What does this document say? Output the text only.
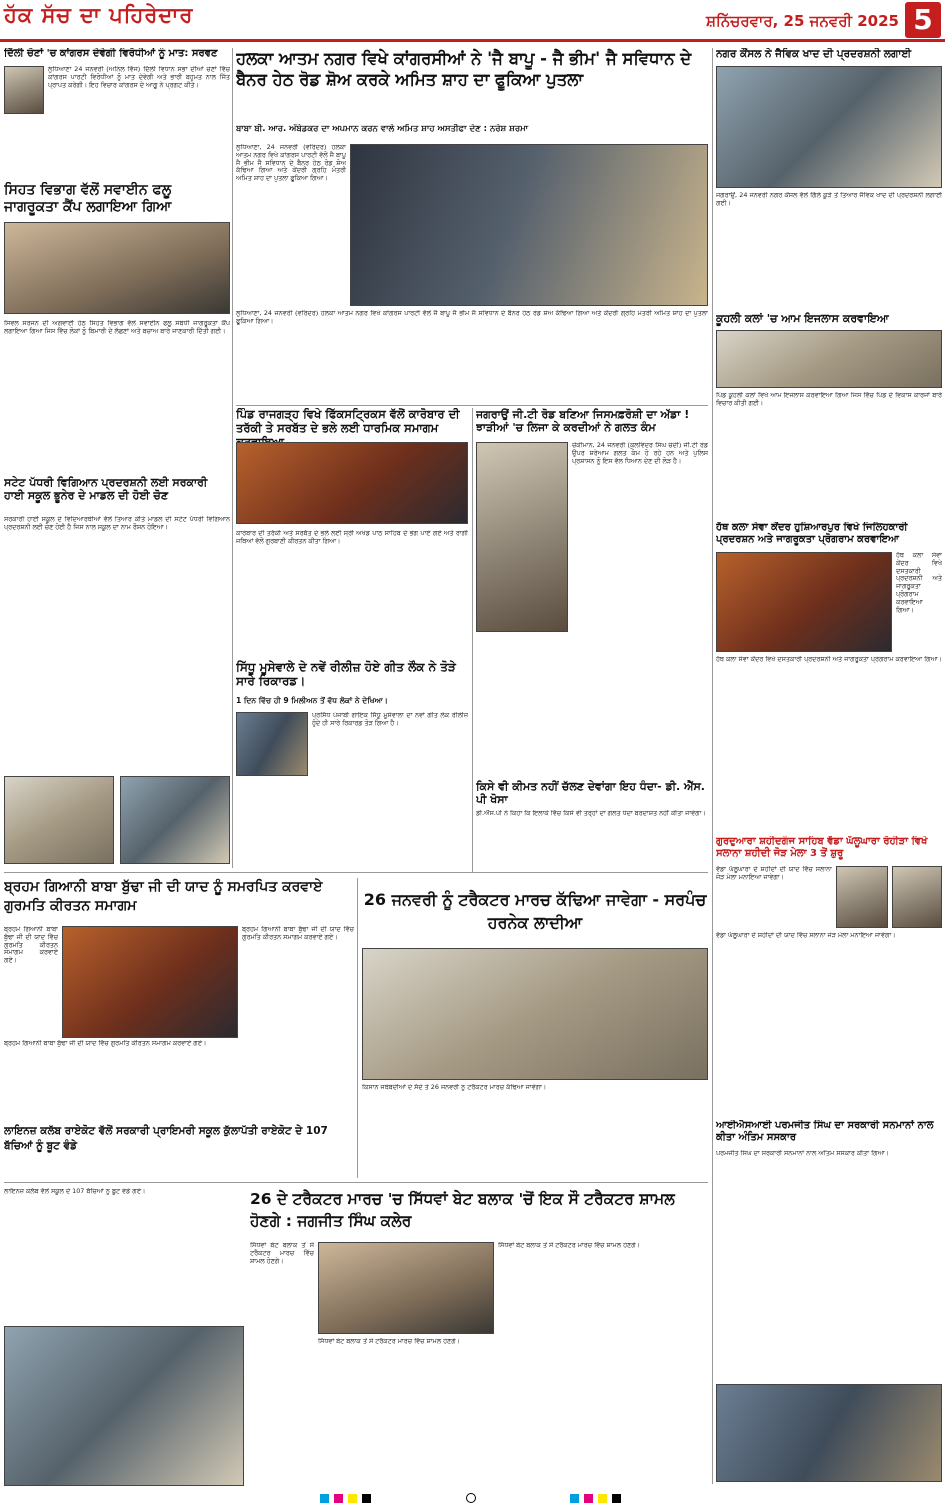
ਹੱਕ ਸੱਚ ਦਾ ਪਹਿਰੇਦਾਰ	ਸ਼ਨਿੱਚਰਵਾਰ, 25 ਜਨਵਰੀ 2025 5
ਦਿੱਲੀ ਚੋਣਾਂ 'ਚ ਕਾਂਗਰਸ ਦੇਵੇਗੀ ਵਿਰੋਧੀਆਂ ਨੂੰ ਮਾਤ: ਸਰਵਣ
ਲੁਧਿਆਣਾ 24 ਜਨਵਰੀ (ਅਨਿਲ ਵਿੱਜ) ਦਿੱਲੀ ਵਿਧਾਨ ਸਭਾ ਦੀਆਂ ਚੋਣਾਂ ਵਿੱਚ ਕਾਂਗਰਸ ਪਾਰਟੀ ਵਿਰੋਧੀਆਂ ਨੂੰ ਮਾਤ ਦੇਵੇਗੀ ਅਤੇ ਭਾਰੀ ਬਹੁਮਤ ਨਾਲ ਜਿੱਤ ਪ੍ਰਾਪਤ ਕਰੇਗੀ। ਇਹ ਵਿਚਾਰ ਕਾਂਗਰਸ ਦੇ ਆਗੂ ਨੇ ਪ੍ਰਗਟ ਕੀਤੇ।
ਸਿਹਤ ਵਿਭਾਗ ਵੱਲੋਂ ਸਵਾਈਨ ਫਲੂ ਜਾਗਰੂਕਤਾ ਕੈਂਪ ਲਗਾਇਆ ਗਿਆ
ਸਿਵਲ ਸਰਜਨ ਦੀ ਅਗਵਾਈ ਹੇਠ ਸਿਹਤ ਵਿਭਾਗ ਵੱਲੋਂ ਸਵਾਈਨ ਫਲੂ ਸਬੰਧੀ ਜਾਗਰੂਕਤਾ ਕੈਂਪ ਲਗਾਇਆ ਗਿਆ ਜਿਸ ਵਿੱਚ ਲੋਕਾਂ ਨੂੰ ਬਿਮਾਰੀ ਦੇ ਲੱਛਣਾਂ ਅਤੇ ਬਚਾਅ ਬਾਰੇ ਜਾਣਕਾਰੀ ਦਿੱਤੀ ਗਈ।
ਸਟੇਟ ਪੱਧਰੀ ਵਿਗਿਆਨ ਪ੍ਰਦਰਸ਼ਨੀ ਲਈ ਸਰਕਾਰੀ ਹਾਈ ਸਕੂਲ ਭੂਨੇਰ ਦੇ ਮਾਡਲ ਦੀ ਹੋਈ ਚੋਣ
ਸਰਕਾਰੀ ਹਾਈ ਸਕੂਲ ਦੇ ਵਿਦਿਆਰਥੀਆਂ ਵੱਲੋਂ ਤਿਆਰ ਕੀਤੇ ਮਾਡਲ ਦੀ ਸਟੇਟ ਪੱਧਰੀ ਵਿਗਿਆਨ ਪ੍ਰਦਰਸ਼ਨੀ ਲਈ ਚੋਣ ਹੋਈ ਹੈ ਜਿਸ ਨਾਲ ਸਕੂਲ ਦਾ ਨਾਮ ਰੌਸ਼ਨ ਹੋਇਆ।
ਹਲਕਾ ਆਤਮ ਨਗਰ ਵਿਖੇ ਕਾਂਗਰਸੀਆਂ ਨੇ 'ਜੈ ਬਾਪੂ - ਜੈ ਭੀਮ' ਜੈ ਸਵਿਧਾਨ ਦੇ ਬੈਨਰ ਹੇਠ ਰੋਡ ਸ਼ੋਅ ਕਰਕੇ ਅਮਿਤ ਸ਼ਾਹ ਦਾ ਫੂਕਿਆ ਪੁਤਲਾ
ਬਾਬਾ ਬੀ. ਆਰ. ਅੰਬੇਡਕਰ ਦਾ ਅਪਮਾਨ ਕਰਨ ਵਾਲੇ ਅਮਿਤ ਸ਼ਾਹ ਅਸਤੀਫਾ ਦੇਣ : ਨਰੇਸ਼ ਸ਼ਰਮਾ
ਲੁਧਿਆਣਾ, 24 ਜਨਵਰੀ (ਵਰਿੰਦਰ) ਹਲਕਾ ਆਤਮ ਨਗਰ ਵਿਖੇ ਕਾਂਗਰਸ ਪਾਰਟੀ ਵੱਲੋਂ ਜੈ ਬਾਪੂ ਜੈ ਭੀਮ ਜੈ ਸਵਿਧਾਨ ਦੇ ਬੈਨਰ ਹੇਠ ਰੋਡ ਸ਼ੋਅ ਕੱਢਿਆ ਗਿਆ ਅਤੇ ਕੇਂਦਰੀ ਗ੍ਰਹਿ ਮੰਤਰੀ ਅਮਿਤ ਸ਼ਾਹ ਦਾ ਪੁਤਲਾ ਫੂਕਿਆ ਗਿਆ।
ਲੁਧਿਆਣਾ, 24 ਜਨਵਰੀ (ਵਰਿੰਦਰ) ਹਲਕਾ ਆਤਮ ਨਗਰ ਵਿਖੇ ਕਾਂਗਰਸ ਪਾਰਟੀ ਵੱਲੋਂ ਜੈ ਬਾਪੂ ਜੈ ਭੀਮ ਜੈ ਸਵਿਧਾਨ ਦੇ ਬੈਨਰ ਹੇਠ ਰੋਡ ਸ਼ੋਅ ਕੱਢਿਆ ਗਿਆ ਅਤੇ ਕੇਂਦਰੀ ਗ੍ਰਹਿ ਮੰਤਰੀ ਅਮਿਤ ਸ਼ਾਹ ਦਾ ਪੁਤਲਾ ਫੂਕਿਆ ਗਿਆ।
ਪਿੰਡ ਰਾਜਗੜ੍ਹ ਵਿਖੇ ਫਿੱਕਸਟ੍ਰਿਕਸ ਵੱਲੋਂ ਕਾਰੋਬਾਰ ਦੀ ਤਰੱਕੀ ਤੇ ਸਰਬੱਤ ਦੇ ਭਲੇ ਲਈ ਧਾਰਮਿਕ ਸਮਾਗਮ
ਕਾਰੋਬਾਰ ਦੀ ਤਰੱਕੀ ਅਤੇ ਸਰਬੱਤ ਦੇ ਭਲੇ ਲਈ ਸ੍ਰੀ ਅਖੰਡ ਪਾਠ ਸਾਹਿਬ ਦੇ ਭੋਗ ਪਾਏ ਗਏ ਅਤੇ ਰਾਗੀ ਜਥਿਆਂ ਵੱਲੋਂ ਗੁਰਬਾਣੀ ਕੀਰਤਨ ਕੀਤਾ ਗਿਆ।
ਸਿੱਧੂ ਮੂਸੇਵਾਲੇ ਦੇ ਨਵੇਂ ਰੀਲੀਜ਼ ਹੋਏ ਗੀਤ ਲੌਕ ਨੇ ਤੋੜੇ ਸਾਰੇ ਰਿਕਾਰਡ।
1 ਦਿਨ ਵਿੱਚ ਹੀ 9 ਮਿਲੀਅਨ ਤੋਂ ਵੱਧ ਲੋਕਾਂ ਨੇ ਦੇਖਿਆ।
ਪ੍ਰਸਿੱਧ ਪੰਜਾਬੀ ਗਾਇਕ ਸਿੱਧੂ ਮੂਸੇਵਾਲਾ ਦਾ ਨਵਾਂ ਗੀਤ ਲੌਕ ਰੀਲੀਜ਼ ਹੁੰਦੇ ਹੀ ਸਾਰੇ ਰਿਕਾਰਡ ਤੋੜ ਗਿਆ ਹੈ।
ਜਗਰਾਉਂ ਜੀ.ਟੀ ਰੋਡ ਬਣਿਆ ਜਿਸਮਫ਼ਰੋਸ਼ੀ ਦਾ ਅੱਡਾ ! ਝਾੜੀਆਂ 'ਚ ਲਿਜਾ ਕੇ ਕਰਦੀਆਂ ਨੇ ਗਲਤ ਕੰਮ
ਚੌਕੀਮਾਨ, 24 ਜਨਵਰੀ (ਕੁਲਵਿੰਦਰ ਸਿੰਘ ਚੰਦੀ) ਜੀ.ਟੀ ਰੋਡ ਉਪਰ ਸ਼ਰੇਆਮ ਗਲਤ ਕੰਮ ਹੋ ਰਹੇ ਹਨ ਅਤੇ ਪੁਲਿਸ ਪ੍ਰਸ਼ਾਸਨ ਨੂੰ ਇਸ ਵੱਲ ਧਿਆਨ ਦੇਣ ਦੀ ਲੋੜ ਹੈ।
ਕਿਸੇ ਵੀ ਕੀਮਤ ਨਹੀਂ ਚੱਲਣ ਦੇਵਾਂਗਾ ਇਹ ਧੰਦਾ- ਡੀ. ਐੱਸ. ਪੀ ਖੋਸਾ
ਡੀ.ਐੱਸ.ਪੀ ਨੇ ਕਿਹਾ ਕਿ ਇਲਾਕੇ ਵਿੱਚ ਕਿਸੇ ਵੀ ਤਰ੍ਹਾਂ ਦਾ ਗਲਤ ਧੰਦਾ ਬਰਦਾਸ਼ਤ ਨਹੀਂ ਕੀਤਾ ਜਾਵੇਗਾ।
ਨਗਰ ਕੌਂਸਲ ਨੇ ਜੈਵਿਕ ਖਾਦ ਦੀ ਪ੍ਰਦਰਸ਼ਨੀ ਲਗਾਈ
ਜਗਰਾਉਂ, 24 ਜਨਵਰੀ ਨਗਰ ਕੌਂਸਲ ਵੱਲੋਂ ਗਿੱਲੇ ਕੂੜੇ ਤੋਂ ਤਿਆਰ ਜੈਵਿਕ ਖਾਦ ਦੀ ਪ੍ਰਦਰਸ਼ਨੀ ਲਗਾਈ ਗਈ।
ਕੂਹਲੀ ਕਲਾਂ 'ਚ ਆਮ ਇਜਲਾਸ ਕਰਵਾਇਆ
ਪਿੰਡ ਕੂਹਲੀ ਕਲਾਂ ਵਿਖੇ ਆਮ ਇਜਲਾਸ ਕਰਵਾਇਆ ਗਿਆ ਜਿਸ ਵਿੱਚ ਪਿੰਡ ਦੇ ਵਿਕਾਸ ਕਾਰਜਾਂ ਬਾਰੇ ਵਿਚਾਰ ਕੀਤੀ ਗਈ।
ਹੱਥ ਕਲਾ ਸੇਵਾ ਕੇਂਦਰ ਹੁਸ਼ਿਆਰਪੁਰ ਵਿਖੇ ਜਿਲਿਹਕਾਰੀ ਪ੍ਰਦਰਸ਼ਨ ਅਤੇ ਜਾਗਰੂਕਤਾ ਪ੍ਰੋਗਰਾਮ ਕਰਵਾਇਆ
ਹੱਥ ਕਲਾ ਸੇਵਾ ਕੇਂਦਰ ਵਿਖੇ ਦਸਤਕਾਰੀ ਪ੍ਰਦਰਸ਼ਨੀ ਅਤੇ ਜਾਗਰੂਕਤਾ ਪ੍ਰੋਗਰਾਮ ਕਰਵਾਇਆ ਗਿਆ।
ਹੱਥ ਕਲਾ ਸੇਵਾ ਕੇਂਦਰ ਵਿਖੇ ਦਸਤਕਾਰੀ ਪ੍ਰਦਰਸ਼ਨੀ ਅਤੇ ਜਾਗਰੂਕਤਾ ਪ੍ਰੋਗਰਾਮ ਕਰਵਾਇਆ ਗਿਆ।
ਗੁਰਦੁਆਰਾ ਸ਼ਹੀਦਗੰਜ ਸਾਹਿਬ ਵੱਡਾ ਘੱਲੂਘਾਰਾ ਰੋਹੀੜਾ ਵਿਖੇ ਸਲਾਨਾ ਸ਼ਹੀਦੀ ਜੋੜ ਮੇਲਾ 3 ਤੋਂ ਸ਼ੁਰੂ
ਵੱਡਾ ਘੱਲੂਘਾਰਾ ਦੇ ਸ਼ਹੀਦਾਂ ਦੀ ਯਾਦ ਵਿੱਚ ਸਲਾਨਾ ਜੋੜ ਮੇਲਾ ਮਨਾਇਆ ਜਾਵੇਗਾ।
ਵੱਡਾ ਘੱਲੂਘਾਰਾ ਦੇ ਸ਼ਹੀਦਾਂ ਦੀ ਯਾਦ ਵਿੱਚ ਸਲਾਨਾ ਜੋੜ ਮੇਲਾ ਮਨਾਇਆ ਜਾਵੇਗਾ।
ਆਈਐਸਆਈ ਪਰਮਜੀਤ ਸਿੰਘ ਦਾ ਸਰਕਾਰੀ ਸਨਮਾਨਾਂ ਨਾਲ ਕੀਤਾ ਅੰਤਿਮ ਸਸਕਾਰ
ਪਰਮਜੀਤ ਸਿੰਘ ਦਾ ਸਰਕਾਰੀ ਸਨਮਾਨਾਂ ਨਾਲ ਅੰਤਿਮ ਸਸਕਾਰ ਕੀਤਾ ਗਿਆ।
ਬ੍ਰਹਮ ਗਿਆਨੀ ਬਾਬਾ ਬੁੱਢਾ ਜੀ ਦੀ ਯਾਦ ਨੂੰ ਸਮਰਪਿਤ ਕਰਵਾਏ ਗੁਰਮਤਿ ਕੀਰਤਨ ਸਮਾਗਮ
ਬ੍ਰਹਮ ਗਿਆਨੀ ਬਾਬਾ ਬੁੱਢਾ ਜੀ ਦੀ ਯਾਦ ਵਿੱਚ ਗੁਰਮਤਿ ਕੀਰਤਨ ਸਮਾਗਮ ਕਰਵਾਏ ਗਏ।
ਬ੍ਰਹਮ ਗਿਆਨੀ ਬਾਬਾ ਬੁੱਢਾ ਜੀ ਦੀ ਯਾਦ ਵਿੱਚ ਗੁਰਮਤਿ ਕੀਰਤਨ ਸਮਾਗਮ ਕਰਵਾਏ ਗਏ।
ਬ੍ਰਹਮ ਗਿਆਨੀ ਬਾਬਾ ਬੁੱਢਾ ਜੀ ਦੀ ਯਾਦ ਵਿੱਚ ਗੁਰਮਤਿ ਕੀਰਤਨ ਸਮਾਗਮ ਕਰਵਾਏ ਗਏ।
26 ਜਨਵਰੀ ਨੂੰ ਟਰੈਕਟਰ ਮਾਰਚ ਕੱਢਿਆ ਜਾਵੇਗਾ - ਸਰਪੰਚ ਹਰਨੇਕ ਲਾਦੀਆ
ਕਿਸਾਨ ਜਥੇਬੰਦੀਆਂ ਦੇ ਸੱਦੇ ਤੇ 26 ਜਨਵਰੀ ਨੂੰ ਟਰੈਕਟਰ ਮਾਰਚ ਕੱਢਿਆ ਜਾਵੇਗਾ।
ਲਾਇਨਜ਼ ਕਲੱਬ ਰਾਏਕੋਟ ਵੱਲੋਂ ਸਰਕਾਰੀ ਪ੍ਰਾਇਮਰੀ ਸਕੂਲ ਕੁੱਲਾਪੱਤੀ ਰਾਏਕੋਟ ਦੇ 107 ਬੱਚਿਆਂ ਨੂੰ ਬੂਟ ਵੰਡੇ
26 ਦੇ ਟਰੈਕਟਰ ਮਾਰਚ 'ਚ ਸਿੱਧਵਾਂ ਬੇਟ ਬਲਾਕ 'ਚੋਂ ਇਕ ਸੌ ਟਰੈਕਟਰ ਸ਼ਾਮਲ ਹੋਣਗੇ : ਜਗਜੀਤ ਸਿੰਘ ਕਲੇਰ
ਲਾਇਨਜ਼ ਕਲੱਬ ਵੱਲੋਂ ਸਕੂਲ ਦੇ 107 ਬੱਚਿਆਂ ਨੂੰ ਬੂਟ ਵੰਡੇ ਗਏ।
ਸਿੱਧਵਾਂ ਬੇਟ ਬਲਾਕ ਤੋਂ ਸੌ ਟਰੈਕਟਰ ਮਾਰਚ ਵਿੱਚ ਸ਼ਾਮਲ ਹੋਣਗੇ।
ਸਿੱਧਵਾਂ ਬੇਟ ਬਲਾਕ ਤੋਂ ਸੌ ਟਰੈਕਟਰ ਮਾਰਚ ਵਿੱਚ ਸ਼ਾਮਲ ਹੋਣਗੇ।
ਸਿੱਧਵਾਂ ਬੇਟ ਬਲਾਕ ਤੋਂ ਸੌ ਟਰੈਕਟਰ ਮਾਰਚ ਵਿੱਚ ਸ਼ਾਮਲ ਹੋਣਗੇ।
